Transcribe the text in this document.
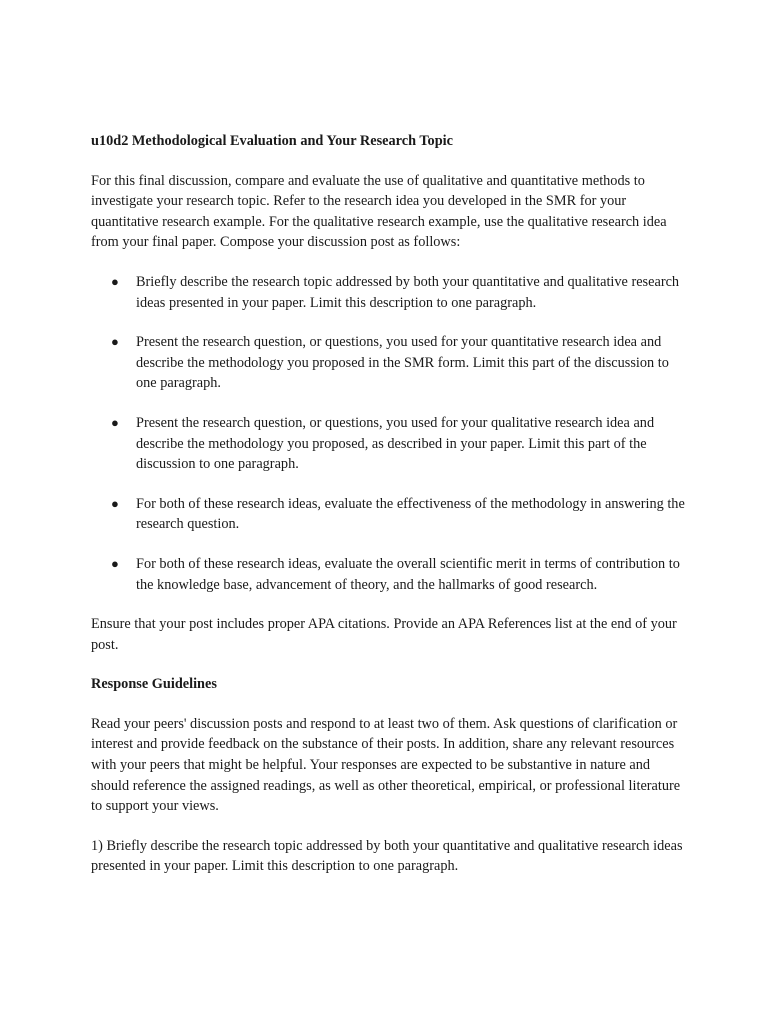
u10d2 Methodological Evaluation and Your Research Topic

For this final discussion, compare and evaluate the use of qualitative and quantitative methods to investigate your research topic. Refer to the research idea you developed in the SMR for your quantitative research example. For the qualitative research example, use the qualitative research idea from your final paper. Compose your discussion post as follows:

● Briefly describe the research topic addressed by both your quantitative and qualitative research ideas presented in your paper. Limit this description to one paragraph.
● Present the research question, or questions, you used for your quantitative research idea and describe the methodology you proposed in the SMR form. Limit this part of the discussion to one paragraph.
● Present the research question, or questions, you used for your qualitative research idea and describe the methodology you proposed, as described in your paper. Limit this part of the discussion to one paragraph.
● For both of these research ideas, evaluate the effectiveness of the methodology in answering the research question.
● For both of these research ideas, evaluate the overall scientific merit in terms of contribution to the knowledge base, advancement of theory, and the hallmarks of good research.

Ensure that your post includes proper APA citations. Provide an APA References list at the end of your post.

Response Guidelines

Read your peers' discussion posts and respond to at least two of them. Ask questions of clarification or interest and provide feedback on the substance of their posts. In addition, share any relevant resources with your peers that might be helpful. Your responses are expected to be substantive in nature and should reference the assigned readings, as well as other theoretical, empirical, or professional literature to support your views.

1) Briefly describe the research topic addressed by both your quantitative and qualitative research ideas presented in your paper. Limit this description to one paragraph.
